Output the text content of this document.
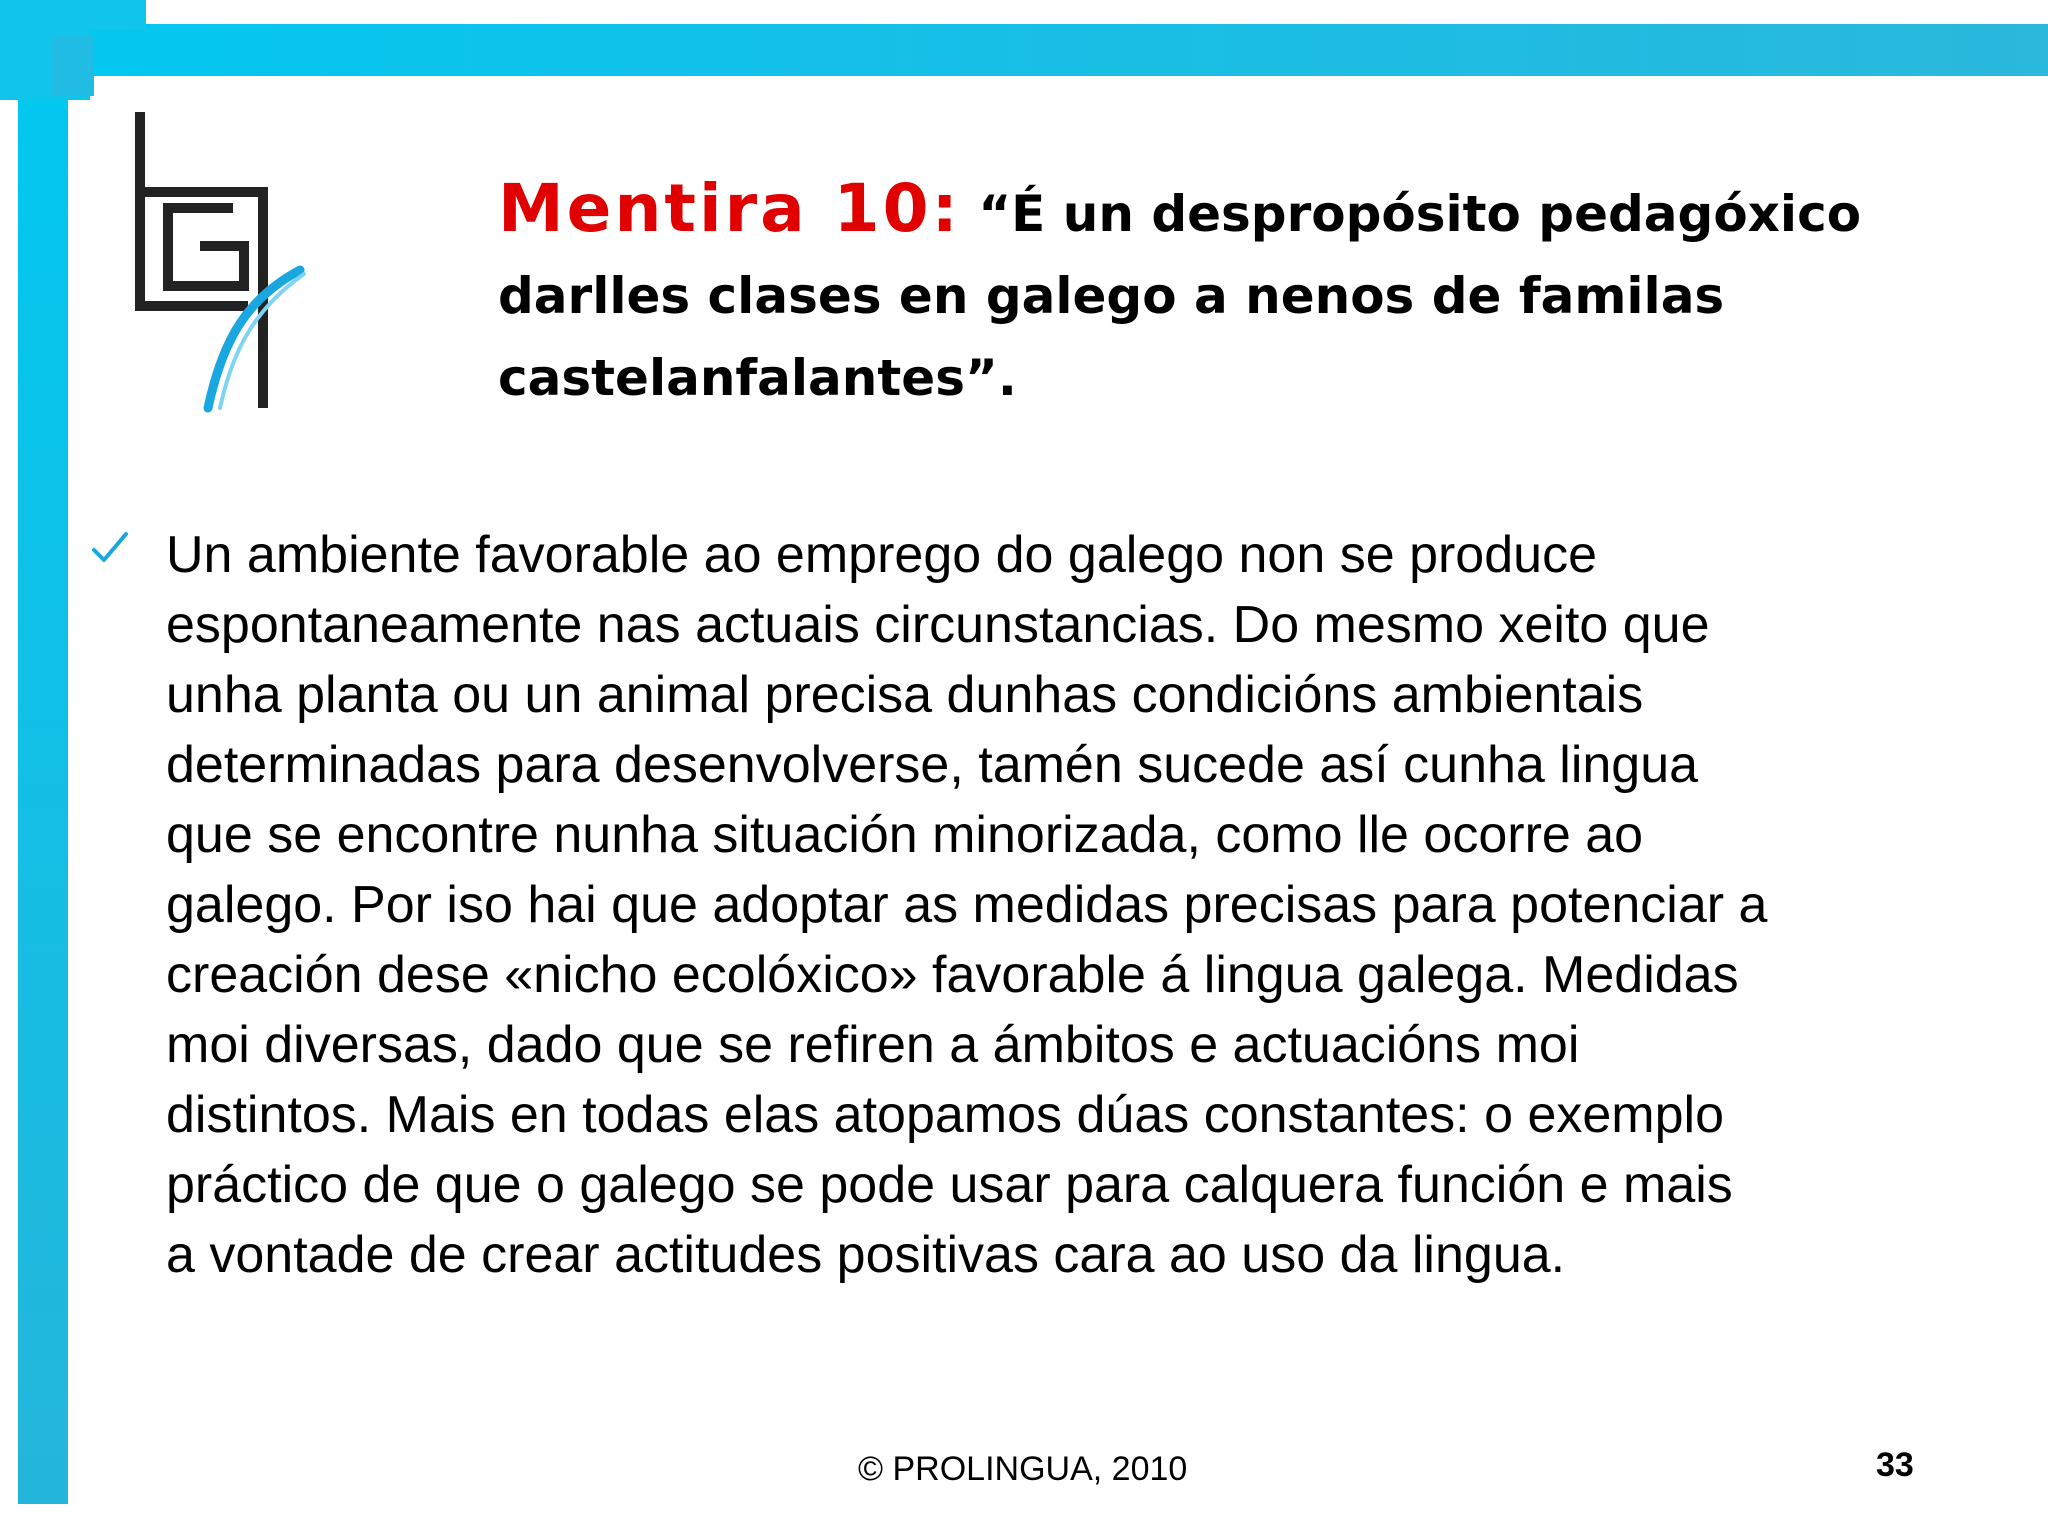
Mentira 10: “É un despropósito pedagóxico darlles clases en galego a nenos de familas castelanfalantes”.

Un ambiente favorable ao emprego do galego non se produce
espontaneamente nas actuais circunstancias. Do mesmo xeito que
unha planta ou un animal precisa dunhas condicións ambientais
determinadas para desenvolverse, tamén sucede así cunha lingua
que se encontre nunha situación minorizada, como lle ocorre ao
galego. Por iso hai que adoptar as medidas precisas para potenciar a
creación dese «nicho ecolóxico» favorable á lingua galega. Medidas
moi diversas, dado que se refiren a ámbitos e actuacións moi
distintos. Mais en todas elas atopamos dúas constantes: o exemplo
práctico de que o galego se pode usar para calquera función e mais
a vontade de crear actitudes positivas cara ao uso da lingua.

© PROLINGUA, 2010	33
